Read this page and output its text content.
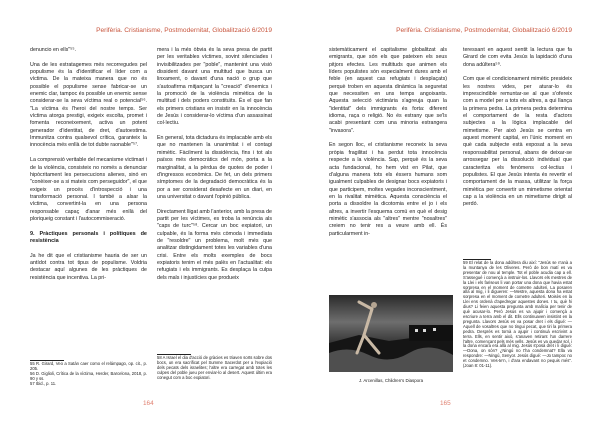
Perifèria. Cristianisme, Postmodernitat, Globalització 6/2019

denuncio en ells"⁵⁵.

Una de les estratagemes més recorregudes pel populisme és la d'identificar el líder com a víctima. De la mateixa manera que no és possible el populisme sense fabricar-se un enemic clar, tampoc és possible un enemic sense considerar-se la seva víctima real o potencial⁵⁶. "La víctima és l'heroi del nostre temps. Ser víctima atorga prestigi, exigeix escolta, promet i fomenta reconeixement, activa un potent generador d'identitat, de dret, d'autoestima. Immunitza contra qualsevol crítica, garanteix la innocència més enllà de tot dubte raonable"⁵⁷.

La comprensió veritable del mecanisme victimari i de la violència, consisteix no només a denunciar hipòcritament les persecucions alienes, sinó en "conèixer-se a si mateix com perseguidor", el que exigeix un procés d'introspecció i una transformació personal. I també a alsar la víctima, convertint-la en una persona responsable capaç d'anar més enllà del ploriqueig constant i l'autocommiseració.

9. Pràctiques personals i polítiques de resistència

Ja he dit que el cristianisme hauria de ser un antídot contra tot tipus de populisme. Voldria destacar aquí algunes de les pràctiques de resistència que incentiva. La pri-

55 R. Girard, Veo a Satán caer como el relámpago, op. cit., p. 205.

56 D. Giglioli, Crítica de la víctima, Herder, Barcelona, 2018, p. 90 y ss.

57 Ibid., p. 11.

mera i la més òbvia és la seva presa de partit per les veritables víctimes, sovint silenciades i invisibilitzades per "poble", mantenint una visió dissident davant una multitud que busca un linxament, o davant d'una nació o grup que s'autoafirma mitjançant la "creació" d'enemics i la promoció de la violència mimètica de la multitud i dels poders constituïts. És el que fan els primers cristians en insistir en la innocència de Jesús i considerar-lo víctima d'un assassinat col·lectiu.

En general, tota dictadura és implacable amb els que no mantenen la unanimitat i el contagi mimètic. Fàcilment la dissidència, fins i tot als països més democràtics del món, porta a la marginalitat, a la pèrdua de quotes de poder i d'ingressos econòmics. De fet, un dels primers símptomes de la degradació democràtica és la por a ser considerat desafecte en un diari, en una universitat o davant l'opinió pública.

Directament lligat amb l'anterior, amb la presa de partit per les víctimes, es troba la renúncia als "caps de turc"⁵⁸. Cercar un boc expiatori, un culpable, és la forma més còmoda i immediata de "resoldre" un problema, molt més que analitzar distingidament totes les variables d'una crisi. Entre els molts exemples de bocs expiatoris tenim el més palès en l'actualitat: els refugiats i els immigrants. Es desplaça la culpa dels mals i injustícies que produeix

58 A Israel el dia d'acció de gràcies es triaven sorts sobre dos bocs, un era sacrificat pel Summe Sacerdot per a l'expiació dels pecats dels israelites; l'altre era carregat amb totes les culpes del poble jueu per enviar-lo al desert. Aquest últim era conegut com a boc expiatori.

164
Perifèria. Cristianisme, Postmodernitat, Globalització 6/2019

sistemàticament el capitalisme globalitzat als emigrants, que són els que pateixen els seus pitjors efectes. Les multituds que animen els líders populistes són especialment dures amb el feble (en aquest cas refugiats i desplaçats) perquè troben en aquesta dinàmica la seguretat que necessiten en uns temps angoixants. Aquesta selecció victimària s'agreuja quan la "identitat" dels immigrants és forta: diferent idioma, raça o religió. No és estrany que se'ls acabi presentant com una minoria estrangera "invasora".

En segon lloc, el cristianisme reconeix la seva pròpia fragilitat i ha perdut tota innocència respecte a la violència. Sap, perquè és la seva acta fundacional, ho hem vist en Pilat, que d'alguna manera tots els éssers humans som igualment culpables de designar bocs expiatoris i que participem, moltes vegades inconscientment, en la rivalitat mimètica. Aquesta consciència el porta a dissoldre la dicotomia entre el jo i els altres, a invertir l'esquema comú en què el desig mimètic s'associa als "altres" mentre "nosaltres" creiem no tenir res a veure amb ell. És particularment in-

J. Arcenillas, Children's Diaspora

teressant en aquest sentit la lectura que fa Girard de com evita Jesús la lapidació d'una dona adúltera⁵⁹.

Com que el condicionament mimètic presideix les nostres vides, per aturar-lo és imprescindible remuntar-se al que s'ofereix com a model per a tots els altres, a qui llança la primera pedra. La primera pedra determina el comportament de la resta d'actors subjectes a la lògica implacable del mimetisme. Per això Jesús se centra en aquest moment capital, en l'únic moment en què cada subjecte està exposat a la seva responsabilitat personal, abans de deixar-se arrossegar per la dissolució individual que caracteritza els fenòmens col·lectius i populistes. El que Jesús intenta és revertir el comportament de la massa, utilitzar la força mimètica per convertir un mimetisme orientat cap a la violència en un mimetisme dirigit al perdó.

59 El relat de la dona adúltera diu així: "Jesús se n'anà a la muntanya de les Oliveres. Però de bon matí es va presentar de nou al temple. Tot el poble acudia cap a ell. S'assegué i començà a instruir-los. Llavors els mestres de la Llei i els fariseus li van portar una dona que havia estat sorpresa en el moment de cometre adulteri. La posaren allà al mig, i li digueren: —Mestre, aquesta dona ha estat sorpresa en el moment de cometre adulteri. Moisès en la Llei ens ordenà d'apedregar aquestes dones. I tu, què hi dius? Li feien aquesta pregunta amb malícia per tenir de què acusar-lo. Però Jesús es va ajupir i començà a escriure a terra amb el dit. Ells continuaven insistint en la pregunta. Llavors Jesús es va posar dret i els digué: —Aquell de vosaltres que no tingui pecat, que tiri la primera pedra. Després es tornà a ajupir i continuà escrivint a terra. Ells, en sentir això, s'anaven retirant l'un darrere l'altre, començant pels més vells. Jesús es va quedar sol, i la dona encara era allà al mig. Jesús s'posà dret i li digué: —Dona, on són? ¿Ningú no t'ha condemnat? Ella va respondre: —Ningú, Senyor. Jesús digué: —Jo tampoc no et condemno. Ves-te'n, i d'ara endavant no pequis més". (Joan 8: 01-11).

165
